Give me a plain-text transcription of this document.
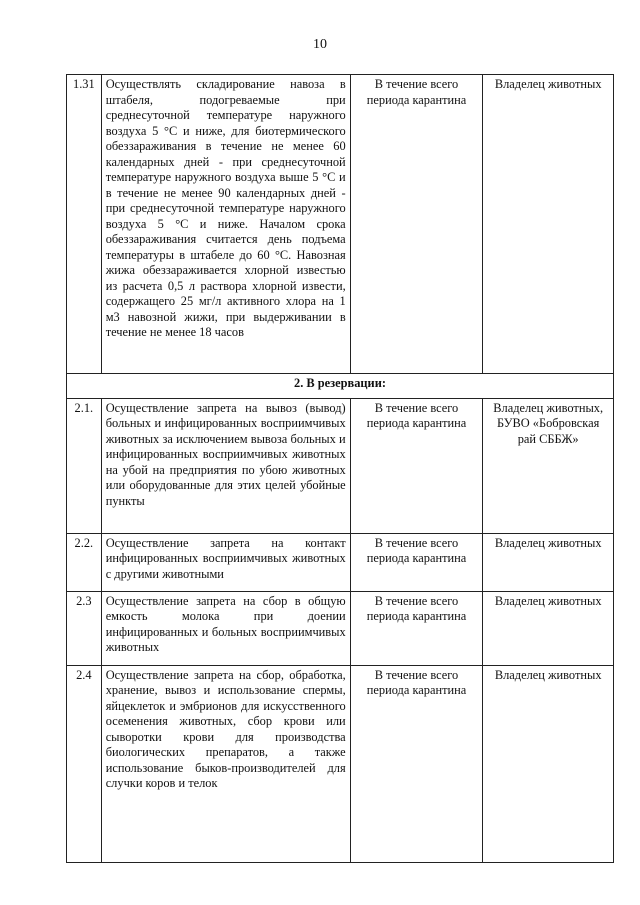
10
1.31	Осуществлять складирование навоза в штабеля, подогреваемые при среднесуточной температуре наружного воздуха 5 °С и ниже, для биотермического обеззараживания в течение не менее 60 календарных дней - при среднесуточной температуре наружного воздуха выше 5 °С и в течение не менее 90 календарных дней - при среднесуточной температуре наружного воздуха 5 °С и ниже. Началом срока обеззараживания считается день подъема температуры в штабеле до 60 °С. Навозная жижа обеззараживается хлорной известью из расчета 0,5 л раствора хлорной извести, содержащего 25 мг/л активного хлора на 1 м3 навозной жижи, при выдерживании в течение не менее 18 часов	В течение всего периода карантина	Владелец животных
2. В резервации:			
2.1.	Осуществление запрета на вывоз (вывод) больных и инфицированных восприимчивых животных за исключением вывоза больных и инфицированных восприимчивых животных на убой на предприятия по убою животных или оборудованные для этих целей убойные пункты	В течение всего периода карантина	Владелец животных, БУВО «Бобровская рай СББЖ»
2.2.	Осуществление запрета на контакт инфицированных восприимчивых животных с другими животными	В течение всего периода карантина	Владелец животных
2.3	Осуществление запрета на сбор в общую емкость молока при доении инфицированных и больных восприимчивых животных	В течение всего периода карантина	Владелец животных
2.4	Осуществление запрета на сбор, обработка, хранение, вывоз и использование спермы, яйцеклеток и эмбрионов для искусственного осеменения животных, сбор крови или сыворотки крови для производства биологических препаратов, а также использование быков-производителей для случки коров и телок	В течение всего периода карантина	Владелец животных
